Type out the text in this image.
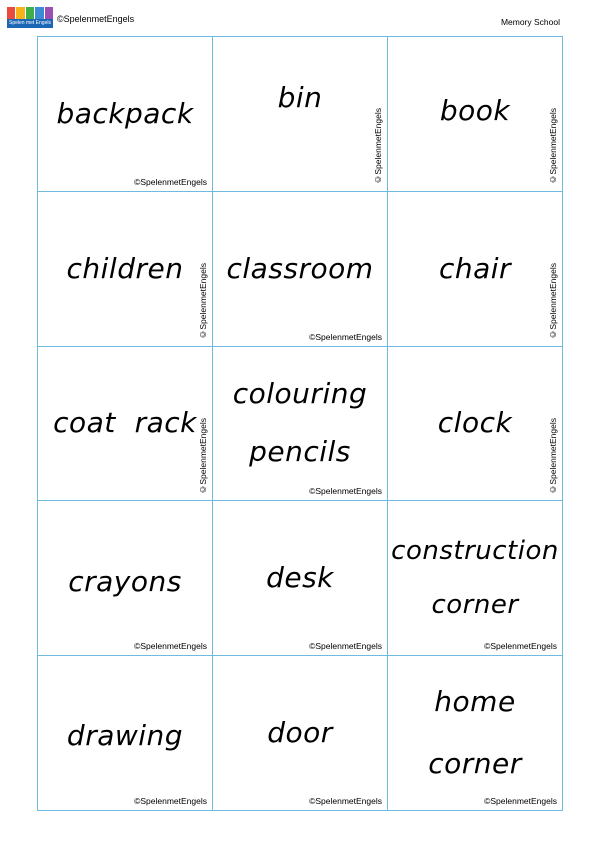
Spelen met Engels ©SpelenmetEngels	Memory School
backpack
©SpelenmetEngels
bin
©SpelenmetEngels book	©SpelenmetEngels
children ©SpelenmetEngels classroom
©SpelenmetEngels
chair	©SpelenmetEngels
coat  rack ©SpelenmetEngels
colouring
pencils
©SpelenmetEngels
clock	©SpelenmetEngels
crayons
©SpelenmetEngels
desk
©SpelenmetEngels
construction
corner
©SpelenmetEngels
drawing
©SpelenmetEngels
door
©SpelenmetEngels
home
corner
©SpelenmetEngels
